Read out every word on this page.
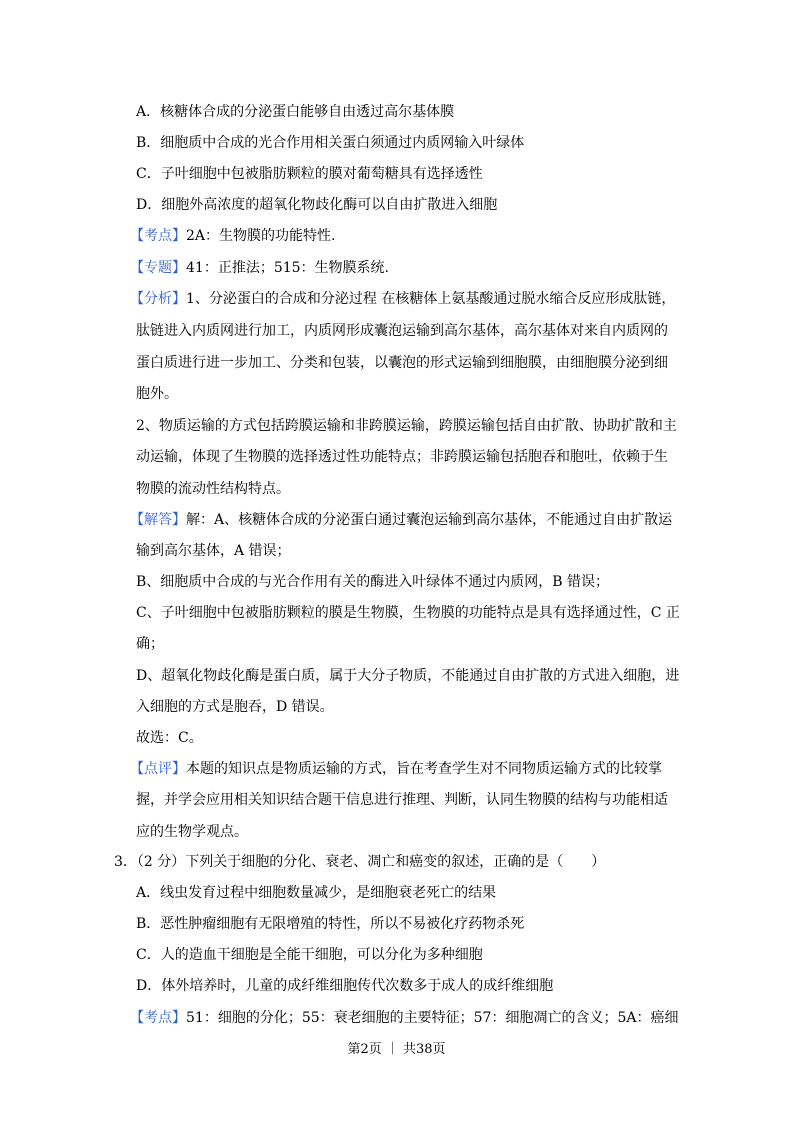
A．核糖体合成的分泌蛋白能够自由透过高尔基体膜
B．细胞质中合成的光合作用相关蛋白须通过内质网输入叶绿体
C．子叶细胞中包被脂肪颗粒的膜对葡萄糖具有选择透性
D．细胞外高浓度的超氧化物歧化酶可以自由扩散进入细胞
【考点】2A：生物膜的功能特性.
【专题】41：正推法；515：生物膜系统.
【分析】1、分泌蛋白的合成和分泌过程 在核糖体上氨基酸通过脱水缩合反应形成肽链，
肽链进入内质网进行加工，内质网形成囊泡运输到高尔基体，高尔基体对来自内质网的
蛋白质进行进一步加工、分类和包装，以囊泡的形式运输到细胞膜，由细胞膜分泌到细
胞外。
2、物质运输的方式包括跨膜运输和非跨膜运输，跨膜运输包括自由扩散、协助扩散和主
动运输，体现了生物膜的选择透过性功能特点；非跨膜运输包括胞吞和胞吐，依赖于生
物膜的流动性结构特点。
【解答】解：A、核糖体合成的分泌蛋白通过囊泡运输到高尔基体，不能通过自由扩散运
输到高尔基体，A 错误；
B、细胞质中合成的与光合作用有关的酶进入叶绿体不通过内质网，B 错误；
C、子叶细胞中包被脂肪颗粒的膜是生物膜，生物膜的功能特点是具有选择通过性，C 正
确；
D、超氧化物歧化酶是蛋白质，属于大分子物质，不能通过自由扩散的方式进入细胞，进
入细胞的方式是胞吞，D 错误。
故选：C。
【点评】本题的知识点是物质运输的方式，旨在考查学生对不同物质运输方式的比较掌
握，并学会应用相关知识结合题干信息进行推理、判断，认同生物膜的结构与功能相适
应的生物学观点。
3．（2 分）下列关于细胞的分化、衰老、凋亡和癌变的叙述，正确的是（　　）
A．线虫发育过程中细胞数量减少，是细胞衰老死亡的结果
B．恶性肿瘤细胞有无限增殖的特性，所以不易被化疗药物杀死
C．人的造血干细胞是全能干细胞，可以分化为多种细胞
D．体外培养时，儿童的成纤维细胞传代次数多于成人的成纤维细胞
【考点】51：细胞的分化；55：衰老细胞的主要特征；57：细胞凋亡的含义；5A：癌细
第2页 ｜ 共38页
